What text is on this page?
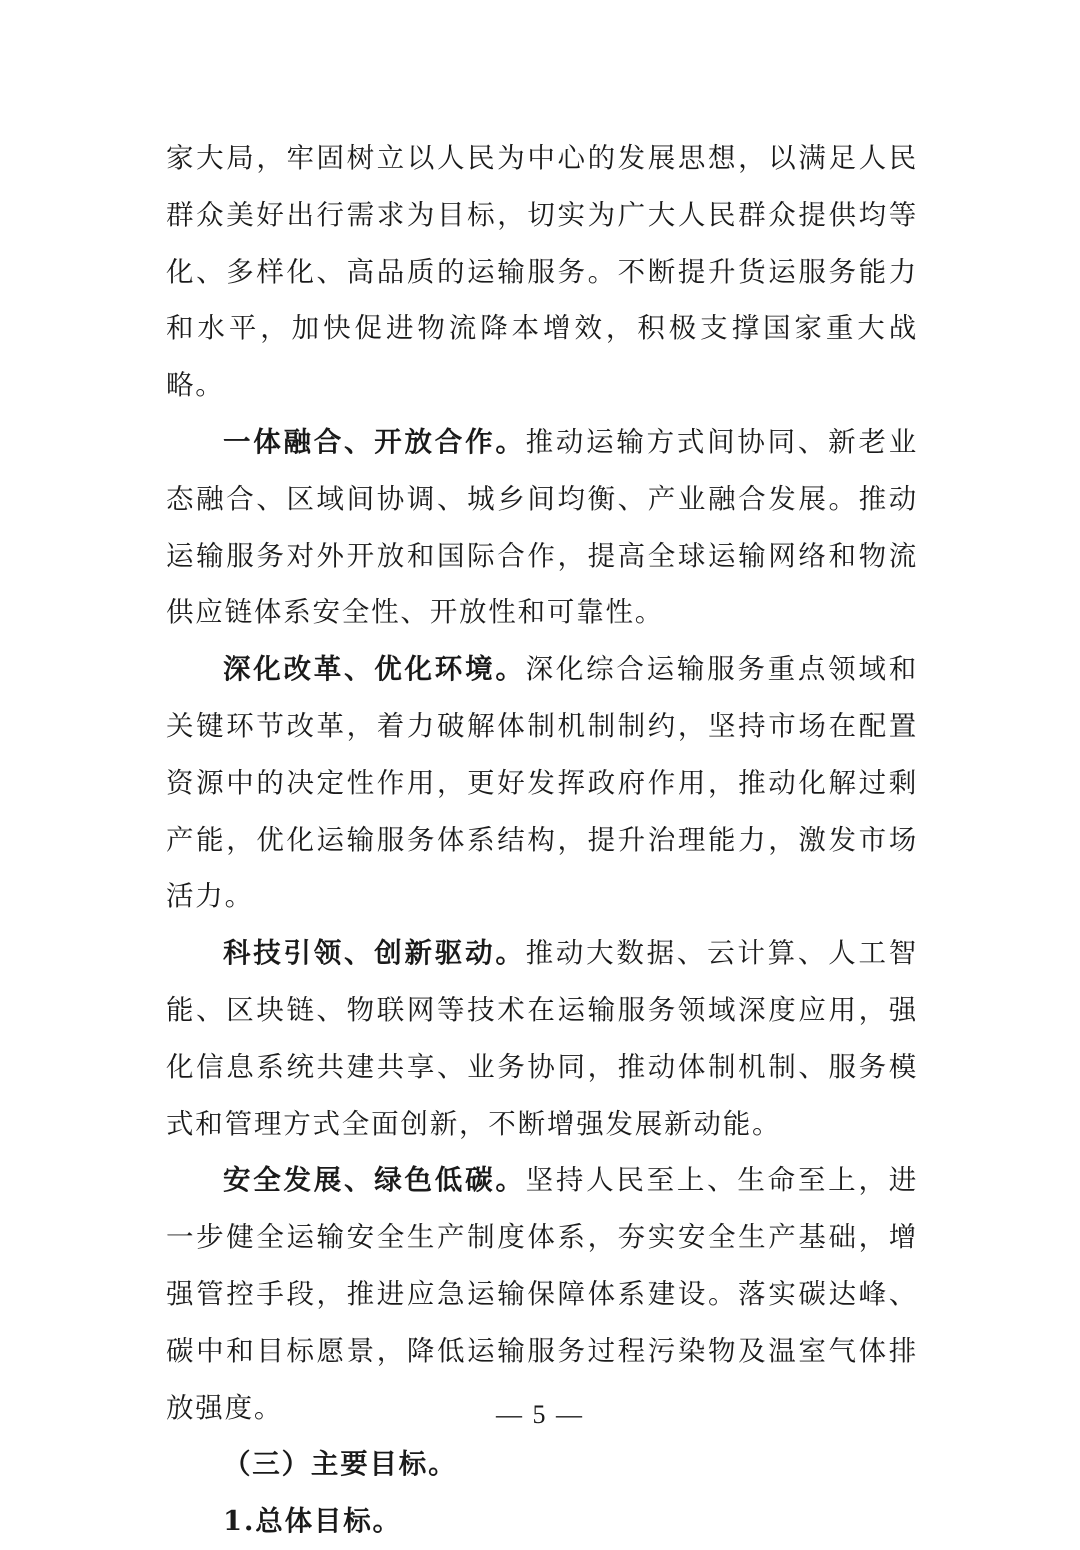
家大局，牢固树立以人民为中心的发展思想，以满足人民群众美好出行需求为目标，切实为广大人民群众提供均等化、多样化、高品质的运输服务。不断提升货运服务能力和水平，加快促进物流降本增效，积极支撑国家重大战略。

一体融合、开放合作。推动运输方式间协同、新老业态融合、区域间协调、城乡间均衡、产业融合发展。推动运输服务对外开放和国际合作，提高全球运输网络和物流供应链体系安全性、开放性和可靠性。

深化改革、优化环境。深化综合运输服务重点领域和关键环节改革，着力破解体制机制制约，坚持市场在配置资源中的决定性作用，更好发挥政府作用，推动化解过剩产能，优化运输服务体系结构，提升治理能力，激发市场活力。

科技引领、创新驱动。推动大数据、云计算、人工智能、区块链、物联网等技术在运输服务领域深度应用，强化信息系统共建共享、业务协同，推动体制机制、服务模式和管理方式全面创新，不断增强发展新动能。

安全发展、绿色低碳。坚持人民至上、生命至上，进一步健全运输安全生产制度体系，夯实安全生产基础，增强管控手段，推进应急运输保障体系建设。落实碳达峰、碳中和目标愿景，降低运输服务过程污染物及温室气体排放强度。

（三）主要目标。

1.总体目标。

— 5 —
